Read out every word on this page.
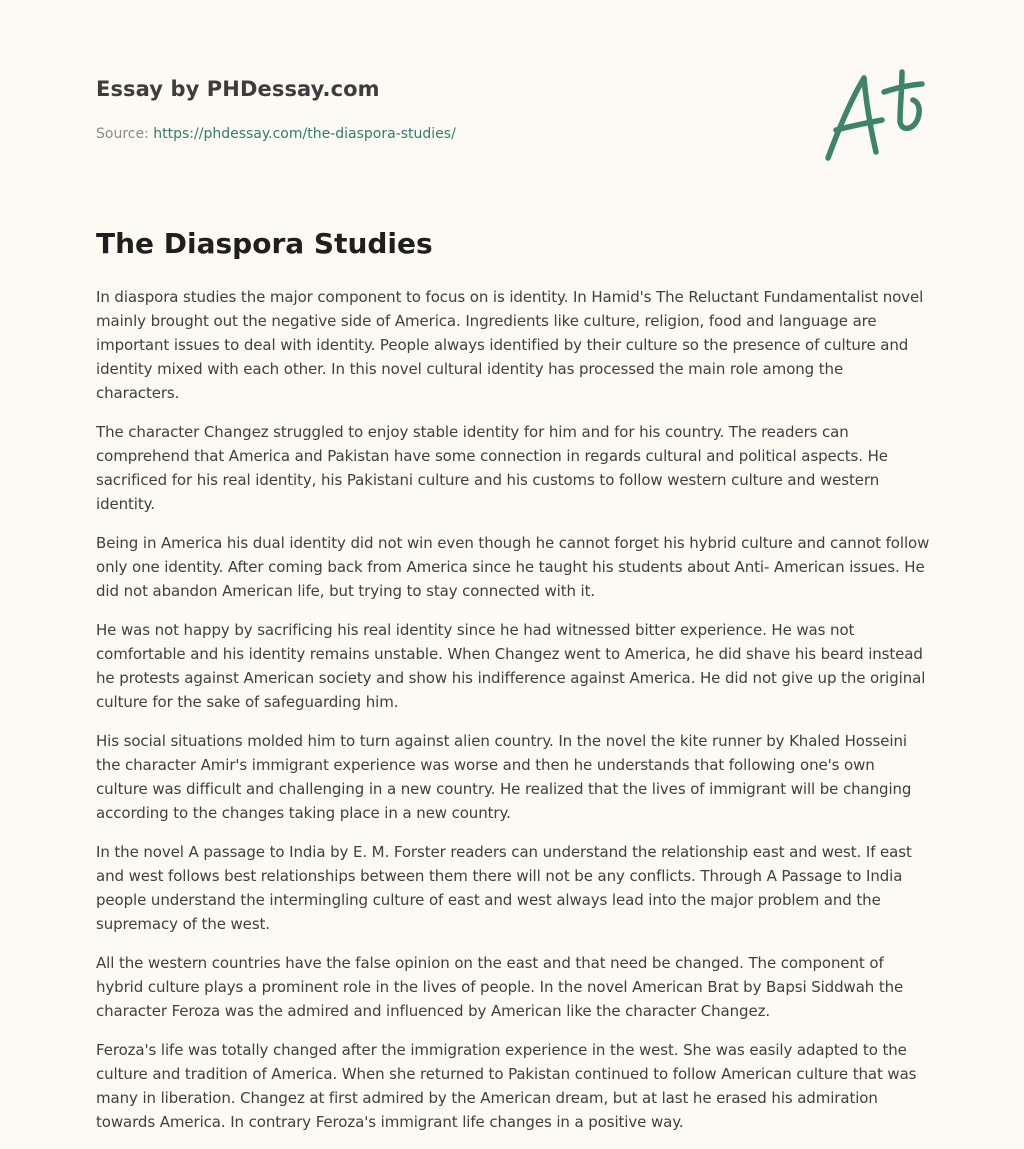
Essay by PHDessay.com

Source: https://phdessay.com/the-diaspora-studies/
The Diaspora Studies

In diaspora studies the major component to focus on is identity. In Hamid's The Reluctant Fundamentalist novel mainly brought out the negative side of America. Ingredients like culture, religion, food and language are important issues to deal with identity. People always identified by their culture so the presence of culture and identity mixed with each other. In this novel cultural identity has processed the main role among the characters.

The character Changez struggled to enjoy stable identity for him and for his country. The readers can comprehend that America and Pakistan have some connection in regards cultural and political aspects. He sacrificed for his real identity, his Pakistani culture and his customs to follow western culture and western identity.

Being in America his dual identity did not win even though he cannot forget his hybrid culture and cannot follow only one identity. After coming back from America since he taught his students about Anti- American issues. He did not abandon American life, but trying to stay connected with it.

He was not happy by sacrificing his real identity since he had witnessed bitter experience. He was not comfortable and his identity remains unstable. When Changez went to America, he did shave his beard instead he protests against American society and show his indifference against America. He did not give up the original culture for the sake of safeguarding him.

His social situations molded him to turn against alien country. In the novel the kite runner by Khaled Hosseini the character Amir's immigrant experience was worse and then he understands that following one's own culture was difficult and challenging in a new country. He realized that the lives of immigrant will be changing according to the changes taking place in a new country.

In the novel A passage to India by E. M. Forster readers can understand the relationship east and west. If east and west follows best relationships between them there will not be any conflicts. Through A Passage to India people understand the intermingling culture of east and west always lead into the major problem and the supremacy of the west.

All the western countries have the false opinion on the east and that need be changed. The component of hybrid culture plays a prominent role in the lives of people. In the novel American Brat by Bapsi Siddwah the character Feroza was the admired and influenced by American like the character Changez.

Feroza's life was totally changed after the immigration experience in the west. She was easily adapted to the culture and tradition of America. When she returned to Pakistan continued to follow American culture that was many in liberation. Changez at first admired by the American dream, but at last he erased his admiration towards America. In contrary Feroza's immigrant life changes in a positive way.
